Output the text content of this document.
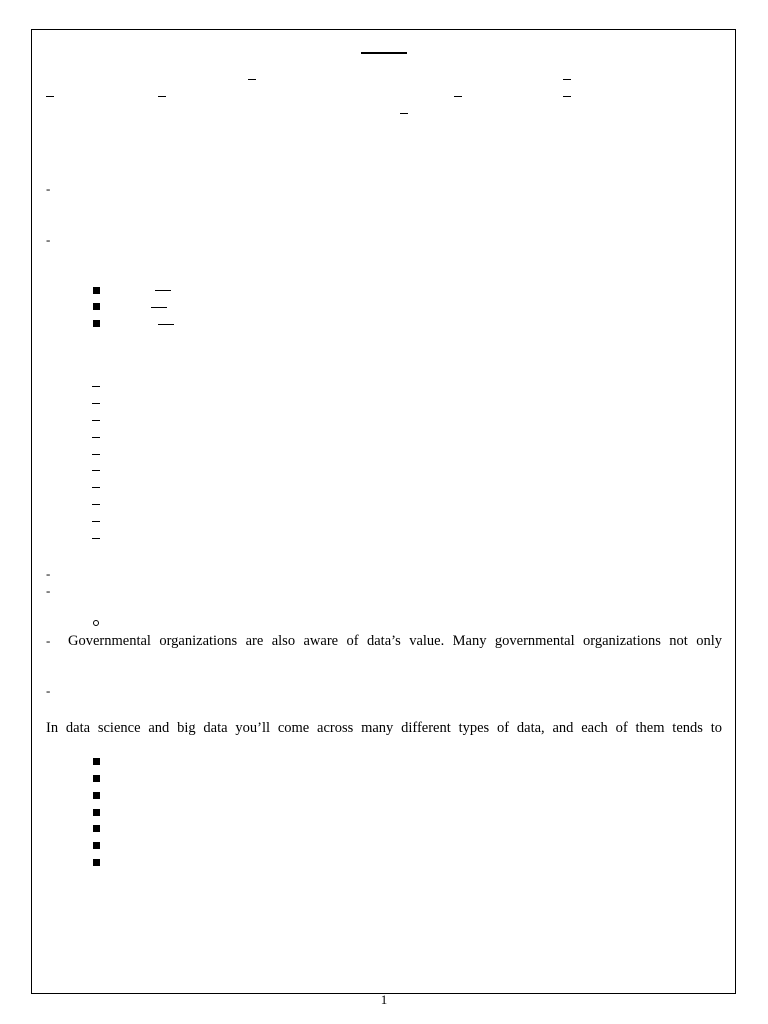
-
-
-
-
- Governmental organizations are also aware of data’s value. Many governmental organizations not only
-
In data science and big data you’ll come across many different types of data, and each of them tends to
1
